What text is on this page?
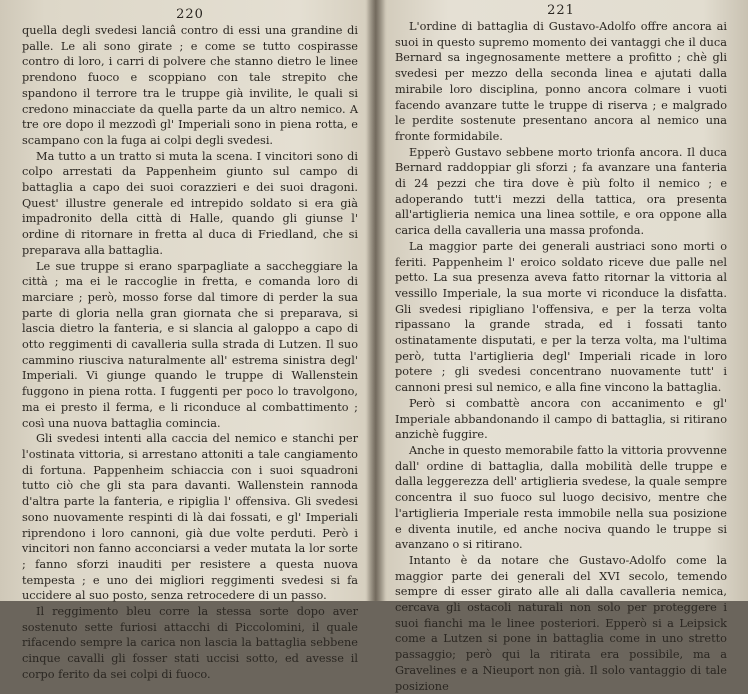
220

quella degli svedesi lanciâ contro di essi una grandine di palle. Le ali sono girate ; e come se tutto cospirasse contro di loro, i carri di polvere che stanno dietro le linee prendono fuoco e scoppiano con tale strepito che spandono il terrore tra le truppe già invilite, le quali si credono minacciate da quella parte da un altro nemico. A tre ore dopo il mezzodì gl' Imperiali sono in piena rotta, e scampano con la fuga ai colpi degli svedesi.

Ma tutto a un tratto si muta la scena. I vincitori sono di colpo arrestati da Pappenheim giunto sul campo di battaglia a capo dei suoi corazzieri e dei suoi dragoni. Quest' illustre generale ed intrepido soldato si era già impadronito della città di Halle, quando gli giunse l' ordine di ritornare in fretta al duca di Friedland, che si preparava alla battaglia.

Le sue truppe si erano sparpagliate a saccheggiare la città ; ma ei le raccoglie in fretta, e comanda loro di marciare ; però, mosso forse dal timore di perder la sua parte di gloria nella gran giornata che si preparava, si lascia dietro la fanteria, e si slancia al galoppo a capo di otto reggimenti di cavalleria sulla strada di Lutzen. Il suo cammino riusciva naturalmente all' estrema sinistra degl' Imperiali. Vi giunge quando le truppe di Wallenstein fuggono in piena rotta. I fuggenti per poco lo travolgono, ma ei presto il ferma, e li riconduce al combattimento ; così una nuova battaglia comincia.

Gli svedesi intenti alla caccia del nemico e stanchi per l'ostinata vittoria, si arrestano attoniti a tale cangiamento di fortuna. Pappenheim schiaccia con i suoi squadroni tutto ciò che gli sta para davanti. Wallenstein rannoda d'altra parte la fanteria, e ripiglia l' offensiva. Gli svedesi sono nuovamente respinti di là dai fossati, e gl' Imperiali riprendono i loro cannoni, già due volte perduti. Però i vincitori non fanno acconciarsi a veder mutata la lor sorte ; fanno sforzi inauditi per resistere a questa nuova tempesta ; e uno dei migliori reggimenti svedesi si fa uccidere al suo posto, senza retrocedere di un passo.

Il reggimento bleu corre la stessa sorte dopo aver sostenuto sette furiosi attacchi di Piccolomini, il quale rifacendo sempre la carica non lascia la battaglia sebbene cinque cavalli gli fosser stati uccisi sotto, ed avesse il corpo ferito da sei colpi di fuoco.

221

L'ordine di battaglia di Gustavo-Adolfo offre ancora ai suoi in questo supremo momento dei vantaggi che il duca Bernard sa ingegnosamente mettere a profitto ; chè gli svedesi per mezzo della seconda linea e ajutati dalla mirabile loro disciplina, ponno ancora colmare i vuoti facendo avanzare tutte le truppe di riserva ; e malgrado le perdite sostenute presentano ancora al nemico una fronte formidabile.

Epperò Gustavo sebbene morto trionfa ancora. Il duca Bernard raddoppiar gli sforzi ; fa avanzare una fanteria di 24 pezzi che tira dove è più folto il nemico ; e adoperando tutt'i mezzi della tattica, ora presenta all'artiglieria nemica una linea sottile, e ora oppone alla carica della cavalleria una massa profonda.

La maggior parte dei generali austriaci sono morti o feriti. Pappenheim l' eroico soldato riceve due palle nel petto. La sua presenza aveva fatto ritornar la vittoria al vessillo Imperiale, la sua morte vi riconduce la disfatta. Gli svedesi ripigliano l'offensiva, e per la terza volta ripassano la grande strada, ed i fossati tanto ostinatamente disputati, e per la terza volta, ma l'ultima però, tutta l'artiglieria degl' Imperiali ricade in loro potere ; gli svedesi concentrano nuovamente tutt' i cannoni presi sul nemico, e alla fine vincono la battaglia.

Però si combattè ancora con accanimento e gl' Imperiale abbandonando il campo di battaglia, si ritirano anzichè fuggire.

Anche in questo memorabile fatto la vittoria provvenne dall' ordine di battaglia, dalla mobilità delle truppe e dalla leggerezza dell' artiglieria svedese, la quale sempre concentra il suo fuoco sul luogo decisivo, mentre che l'artiglieria Imperiale resta immobile nella sua posizione e diventa inutile, ed anche nociva quando le truppe si avanzano o si ritirano.

Intanto è da notare che Gustavo-Adolfo come la maggior parte dei generali del XVI secolo, temendo sempre di esser girato alle ali dalla cavalleria nemica, cercava gli ostacoli naturali non solo per proteggere i suoi fianchi ma le linee posteriori. Epperò si a Leipsick come a Lutzen si pone in battaglia come in uno stretto passaggio; però qui la ritirata era possibile, ma a Gravelines e a Nieuport non già. Il solo vantaggio di tale posizione
